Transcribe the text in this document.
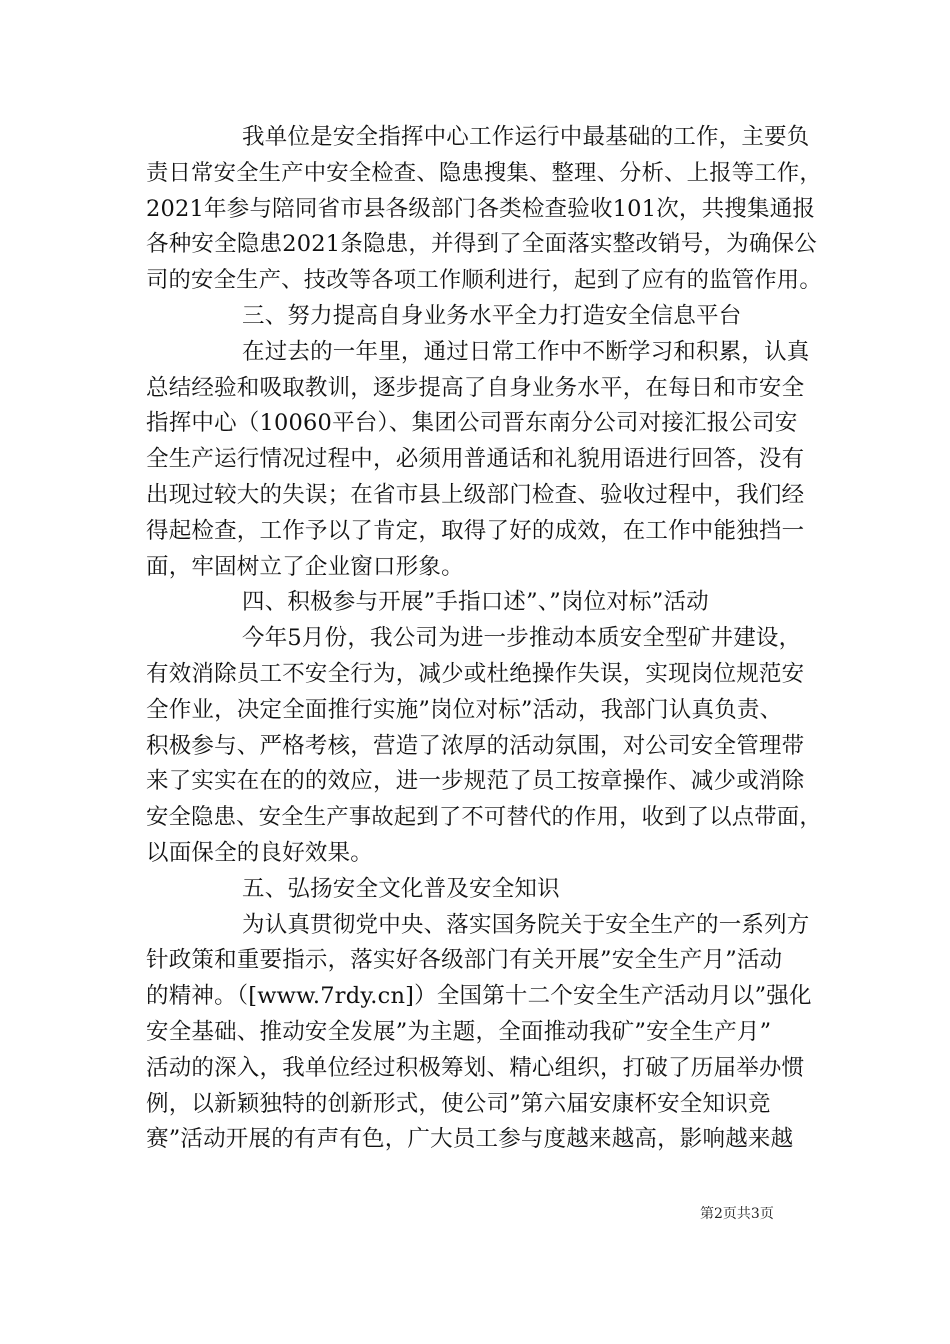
我单位是安全指挥中心工作运行中最基础的工作，主要负
责日常安全生产中安全检查、隐患搜集、整理、分析、上报等工作，
2021年参与陪同省市县各级部门各类检查验收101次，共搜集通报
各种安全隐患2021条隐患，并得到了全面落实整改销号，为确保公
司的安全生产、技改等各项工作顺利进行，起到了应有的监管作用。
三、努力提高自身业务水平全力打造安全信息平台
在过去的一年里，通过日常工作中不断学习和积累，认真
总结经验和吸取教训，逐步提高了自身业务水平，在每日和市安全
指挥中心（10060平台）、集团公司晋东南分公司对接汇报公司安
全生产运行情况过程中，必须用普通话和礼貌用语进行回答，没有
出现过较大的失误；在省市县上级部门检查、验收过程中，我们经
得起检查，工作予以了肯定，取得了好的成效，在工作中能独挡一
面，牢固树立了企业窗口形象。
四、积极参与开展”手指口述”、”岗位对标”活动
今年5月份，我公司为进一步推动本质安全型矿井建设，
有效消除员工不安全行为，减少或杜绝操作失误，实现岗位规范安
全作业，决定全面推行实施”岗位对标”活动，我部门认真负责、
积极参与、严格考核，营造了浓厚的活动氛围，对公司安全管理带
来了实实在在的的效应，进一步规范了员工按章操作、减少或消除
安全隐患、安全生产事故起到了不可替代的作用，收到了以点带面，
以面保全的良好效果。
五、弘扬安全文化普及安全知识
为认真贯彻党中央、落实国务院关于安全生产的一系列方
针政策和重要指示，落实好各级部门有关开展”安全生产月”活动
的精神。（[www.7rdy.cn]）全国第十二个安全生产活动月以”强化
安全基础、推动安全发展”为主题，全面推动我矿”安全生产月”
活动的深入，我单位经过积极筹划、精心组织，打破了历届举办惯
例，以新颖独特的创新形式，使公司”第六届安康杯安全知识竞
赛”活动开展的有声有色，广大员工参与度越来越高，影响越来越
第2页共3页
